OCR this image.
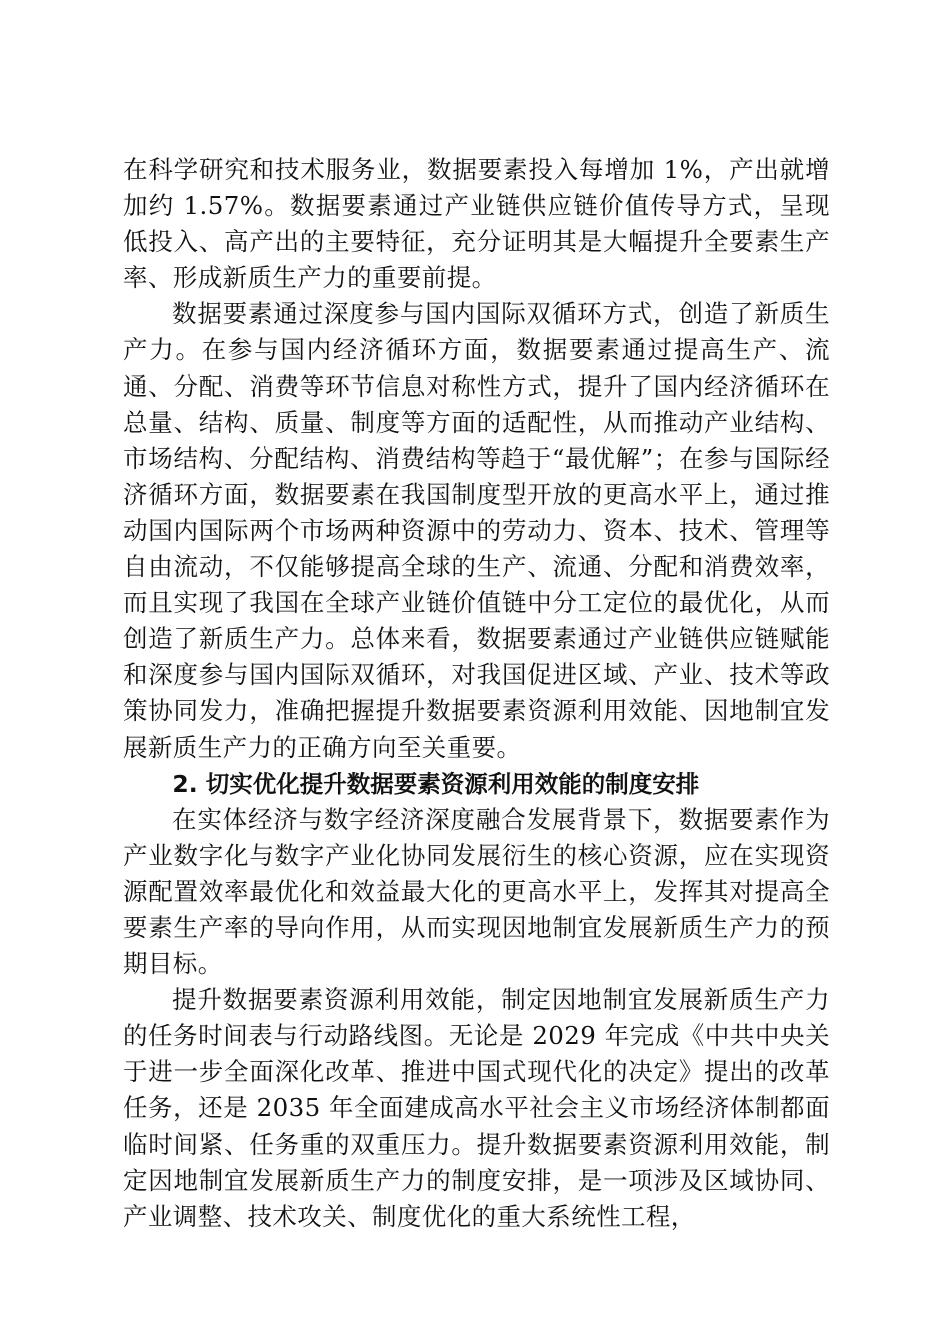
在科学研究和技术服务业，数据要素投入每增加 1%，产出就增加约 1.57%。数据要素通过产业链供应链价值传导方式，呈现低投入、高产出的主要特征，充分证明其是大幅提升全要素生产率、形成新质生产力的重要前提。

数据要素通过深度参与国内国际双循环方式，创造了新质生产力。在参与国内经济循环方面，数据要素通过提高生产、流通、分配、消费等环节信息对称性方式，提升了国内经济循环在总量、结构、质量、制度等方面的适配性，从而推动产业结构、市场结构、分配结构、消费结构等趋于“最优解”；在参与国际经济循环方面，数据要素在我国制度型开放的更高水平上，通过推动国内国际两个市场两种资源中的劳动力、资本、技术、管理等自由流动，不仅能够提高全球的生产、流通、分配和消费效率，而且实现了我国在全球产业链价值链中分工定位的最优化，从而创造了新质生产力。总体来看，数据要素通过产业链供应链赋能和深度参与国内国际双循环，对我国促进区域、产业、技术等政策协同发力，准确把握提升数据要素资源利用效能、因地制宜发展新质生产力的正确方向至关重要。

2. 切实优化提升数据要素资源利用效能的制度安排

在实体经济与数字经济深度融合发展背景下，数据要素作为产业数字化与数字产业化协同发展衍生的核心资源，应在实现资源配置效率最优化和效益最大化的更高水平上，发挥其对提高全要素生产率的导向作用，从而实现因地制宜发展新质生产力的预期目标。

提升数据要素资源利用效能，制定因地制宜发展新质生产力的任务时间表与行动路线图。无论是 2029 年完成《中共中央关于进一步全面深化改革、推进中国式现代化的决定》提出的改革任务，还是 2035 年全面建成高水平社会主义市场经济体制都面临时间紧、任务重的双重压力。提升数据要素资源利用效能，制定因地制宜发展新质生产力的制度安排，是一项涉及区域协同、产业调整、技术攻关、制度优化的重大系统性工程，
